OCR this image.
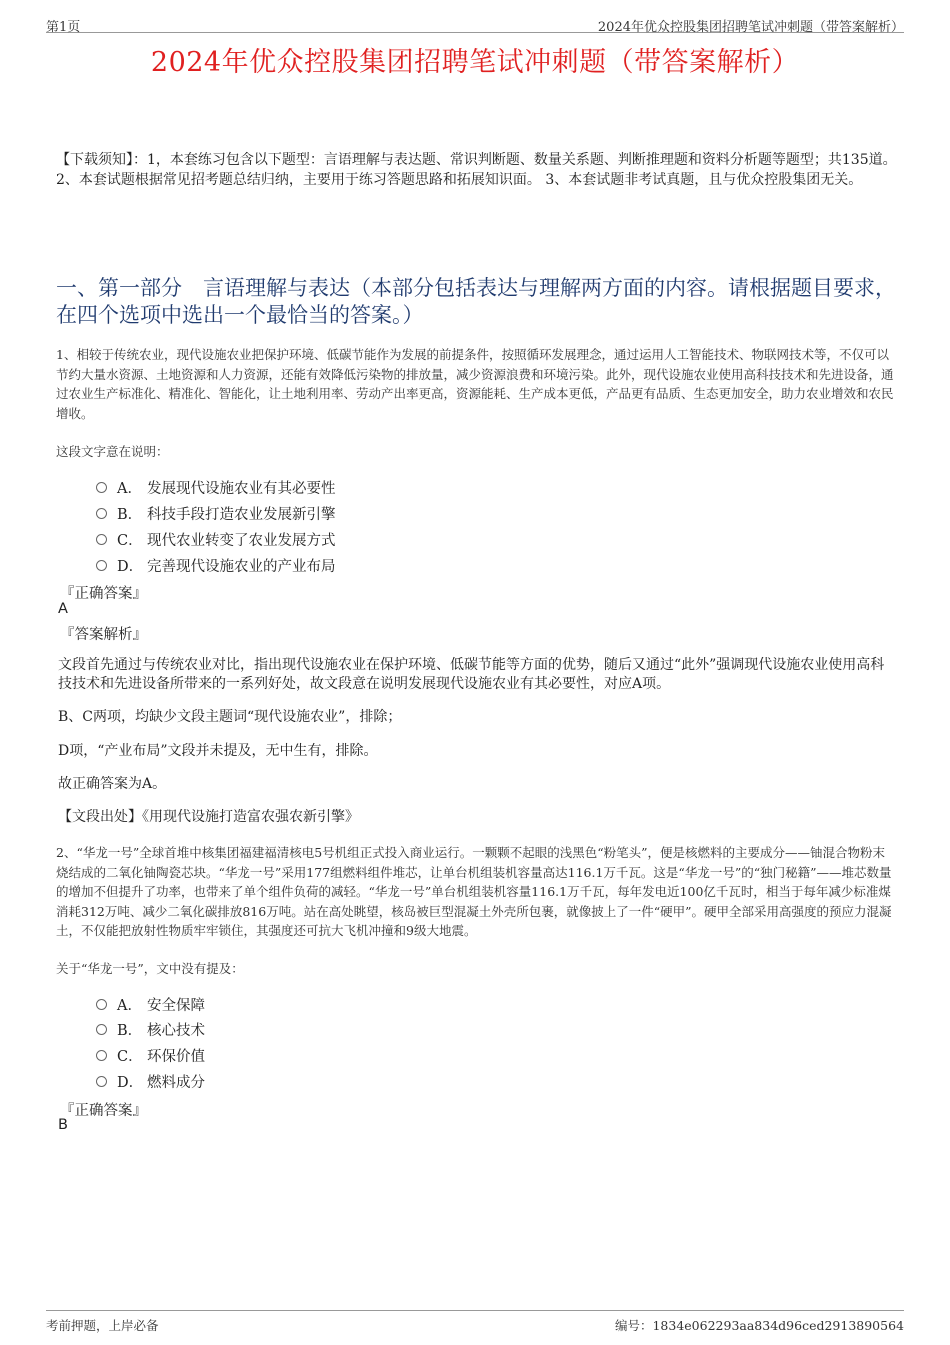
第1页	2024年优众控股集团招聘笔试冲刺题（带答案解析）
2024年优众控股集团招聘笔试冲刺题（带答案解析）
【下载须知】：1，本套练习包含以下题型：言语理解与表达题、常识判断题、数量关系题、判断推理题和资料分析题等题型；共135道。 2、本套试题根据常见招考题总结归纳，主要用于练习答题思路和拓展知识面。 3、本套试题非考试真题，且与优众控股集团无关。
一、第一部分　言语理解与表达（本部分包括表达与理解两方面的内容。请根据题目要求，在四个选项中选出一个最恰当的答案。）
1、相较于传统农业，现代设施农业把保护环境、低碳节能作为发展的前提条件，按照循环发展理念，通过运用人工智能技术、物联网技术等，不仅可以节约大量水资源、土地资源和人力资源，还能有效降低污染物的排放量，减少资源浪费和环境污染。此外，现代设施农业使用高科技技术和先进设备，通过农业生产标准化、精准化、智能化，让土地利用率、劳动产出率更高，资源能耗、生产成本更低，产品更有品质、生态更加安全，助力农业增效和农民增收。
这段文字意在说明：
A． 发展现代设施农业有其必要性
B． 科技手段打造农业发展新引擎
C． 现代农业转变了农业发展方式
D． 完善现代设施农业的产业布局
『正确答案』
A
『答案解析』
文段首先通过与传统农业对比，指出现代设施农业在保护环境、低碳节能等方面的优势，随后又通过“此外”强调现代设施农业使用高科技技术和先进设备所带来的一系列好处，故文段意在说明发展现代设施农业有其必要性，对应A项。
B、C两项，均缺少文段主题词“现代设施农业”，排除；
D项，“产业布局”文段并未提及，无中生有，排除。
故正确答案为A。
【文段出处】《用现代设施打造富农强农新引擎》
2、“华龙一号”全球首堆中核集团福建福清核电5号机组正式投入商业运行。一颗颗不起眼的浅黑色“粉笔头”，便是核燃料的主要成分——铀混合物粉末烧结成的二氧化铀陶瓷芯块。“华龙一号”采用177组燃料组件堆芯，让单台机组装机容量高达116.1万千瓦。这是“华龙一号”的“独门秘籍”——堆芯数量的增加不但提升了功率，也带来了单个组件负荷的减轻。“华龙一号”单台机组装机容量116.1万千瓦，每年发电近100亿千瓦时，相当于每年减少标准煤消耗312万吨、减少二氧化碳排放816万吨。站在高处眺望，核岛被巨型混凝土外壳所包裹，就像披上了一件“硬甲”。硬甲全部采用高强度的预应力混凝土，不仅能把放射性物质牢牢锁住，其强度还可抗大飞机冲撞和9级大地震。
关于“华龙一号”，文中没有提及：
A． 安全保障
B． 核心技术
C． 环保价值
D． 燃料成分
『正确答案』
B
考前押题，上岸必备	编号：1834e062293aa834d96ced2913890564
